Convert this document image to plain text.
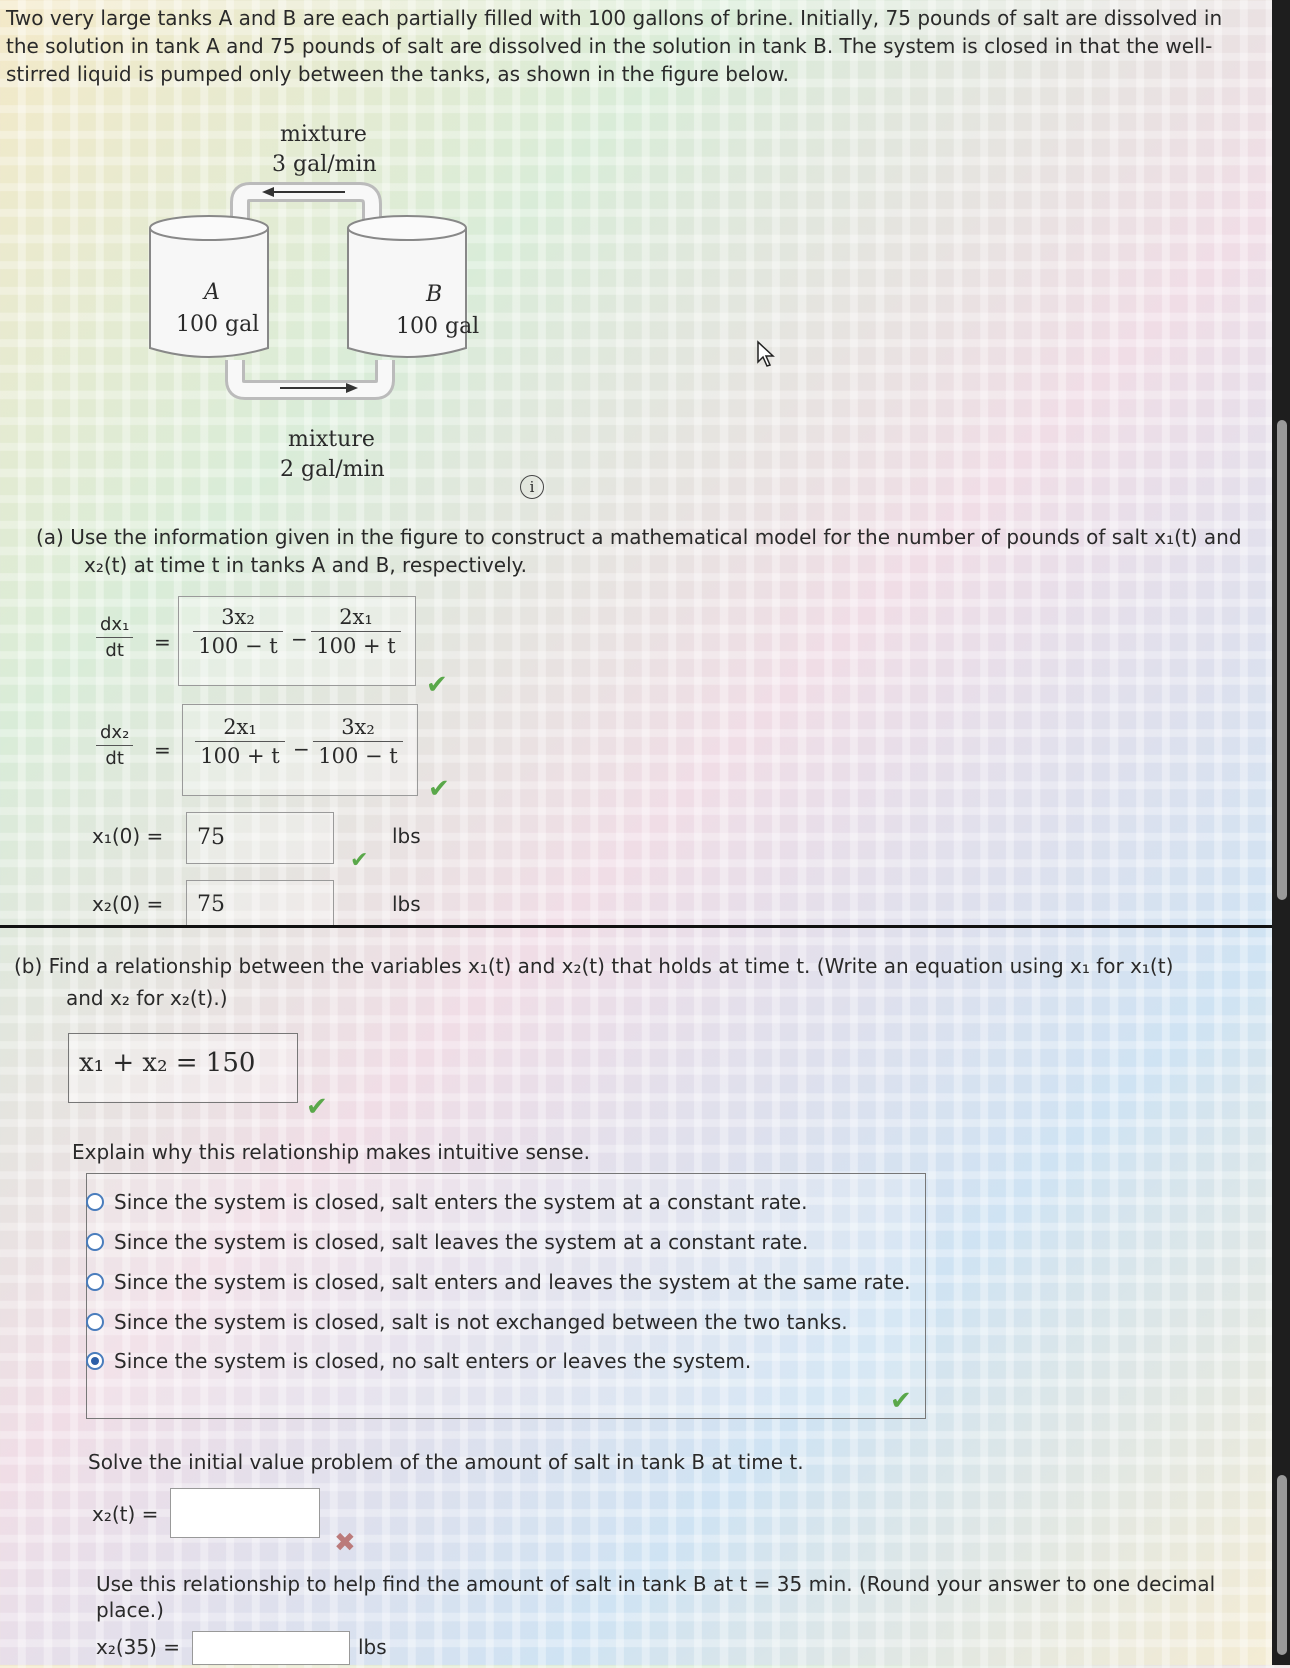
Two very large tanks A and B are each partially filled with 100 gallons of brine. Initially, 75 pounds of salt are dissolved in
the solution in tank A and 75 pounds of salt are dissolved in the solution in tank B. The system is closed in that the well-
stirred liquid is pumped only between the tanks, as shown in the figure below.
mixture
3 gal/min
A
100 gal
B
100 gal
mixture
2 gal/min
i
(a) Use the information given in the figure to construct a mathematical model for the number of pounds of salt x₁(t) and
x₂(t) at time t in tanks A and B, respectively.
$\frac{\text{dx₁}}{dt} = \frac{\text{3x₂}}{100 - t} - \frac{\text{2x₁}}{100 + t}$
✔
$\frac{\text{dx₂}}{dt} = \frac{\text{2x₁}}{100 + t} - \frac{\text{3x₂}}{100 - t}$
✔
x₁(0) = 75
✔
lbs
x₂(0) = 75	lbs
(b) Find a relationship between the variables x₁(t) and x₂(t) that holds at time t. (Write an equation using x₁ for x₁(t)
and x₂ for x₂(t).)
x₁ + x₂ = 150
✔
Explain why this relationship makes intuitive sense.
Since the system is closed, salt enters the system at a constant rate.
Since the system is closed, salt leaves the system at a constant rate.
Since the system is closed, salt enters and leaves the system at the same rate.
Since the system is closed, salt is not exchanged between the two tanks.
Since the system is closed, no salt enters or leaves the system.
✔
Solve the initial value problem of the amount of salt in tank B at time t.
x₂(t) =
✖
Use this relationship to help find the amount of salt in tank B at t = 35 min. (Round your answer to one decimal
place.)
x₂(35) =	lbs
